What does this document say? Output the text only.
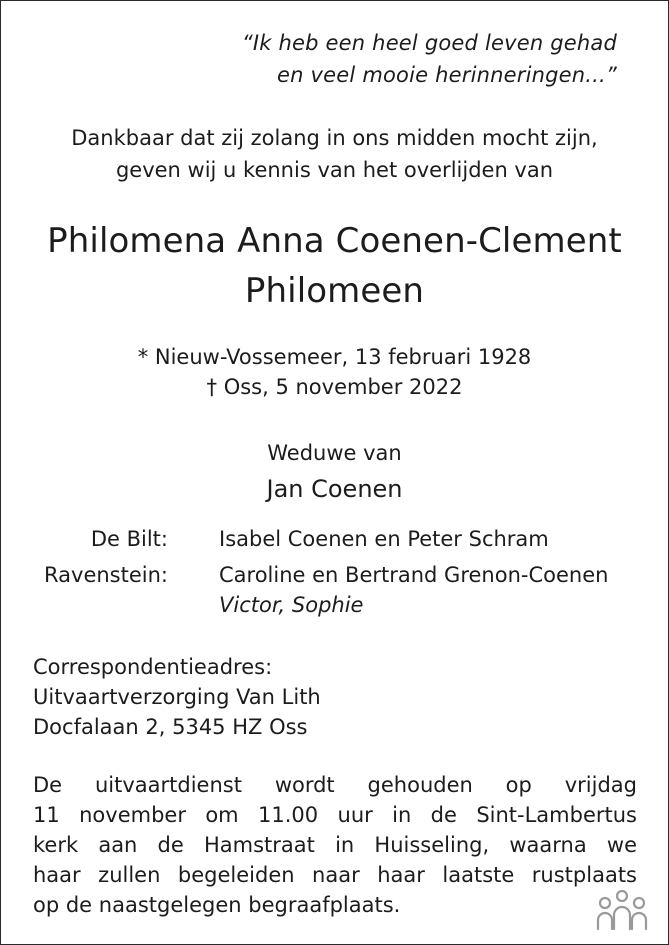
“Ik heb een heel goed leven gehad
en veel mooie herinneringen...”
Dankbaar dat zij zolang in ons midden mocht zijn,
geven wij u kennis van het overlijden van
Philomena Anna Coenen-Clement
Philomeen
* Nieuw-Vossemeer, 13 februari 1928
† Oss, 5 november 2022
Weduwe van
Jan Coenen
De Bilt: Isabel Coenen en Peter Schram
Ravenstein: Caroline en Bertrand Grenon-Coenen
Victor, Sophie
Correspondentieadres:
Uitvaartverzorging Van Lith
Docfalaan 2, 5345 HZ Oss
De uitvaartdienst wordt gehouden op vrijdag
11 november om 11.00 uur in de Sint-Lambertus
kerk aan de Hamstraat in Huisseling, waarna we
haar zullen begeleiden naar haar laatste rustplaats
op de naastgelegen begraafplaats.
